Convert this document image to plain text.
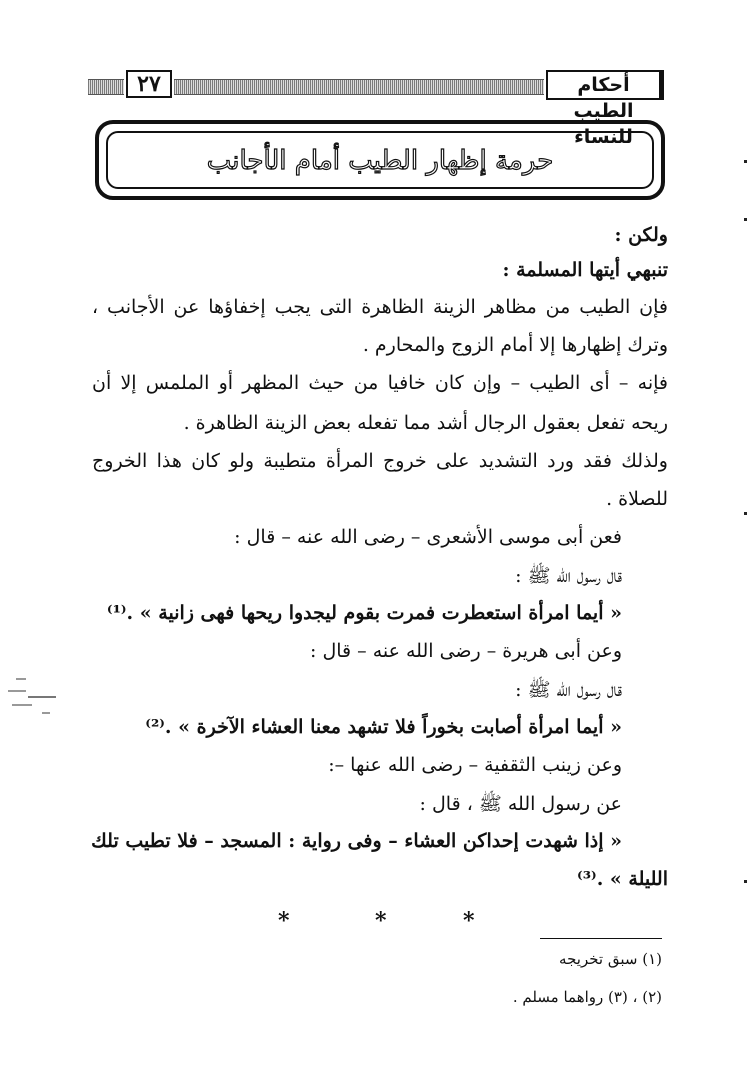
٢٧	أحكام الطيب للنساء
حرمة إظهار الطيب أمام الأجانب
ولكن :
تنبهي أيتها المسلمة :
فإن الطيب من مظاهر الزينة الظاهرة التى يجب إخفاؤها عن الأجانب ،
وترك إظهارها إلا أمام الزوج والمحارم .
فإنه – أى الطيب – وإن كان خافيا من حيث المظهر أو الملمس إلا أن
ريحه تفعل بعقول الرجال أشد مما تفعله بعض الزينة الظاهرة .
ولذلك فقد ورد التشديد على خروج المرأة متطيبة ولو كان هذا الخروج
للصلاة .
فعن أبى موسى الأشعرى – رضى الله عنه – قال :
قال رسول الله ﷺ :
« أيما امرأة استعطرت فمرت بقوم ليجدوا ريحها فهى زانية » .⁽¹⁾
وعن أبى هريرة – رضى الله عنه – قال :
قال رسول الله ﷺ :
« أيما امرأة أصابت بخوراً فلا تشهد معنا العشاء الآخرة » .⁽²⁾
وعن زينب الثقفية – رضى الله عنها –:
عن رسول الله ﷺ ، قال :
« إذا شهدت إحداكن العشاء – وفى رواية : المسجد – فلا تطيب تلك
الليلة » .⁽³⁾
*	*	*
(١) سبق تخريجه
(٢) ، (٣) رواهما مسلم .
